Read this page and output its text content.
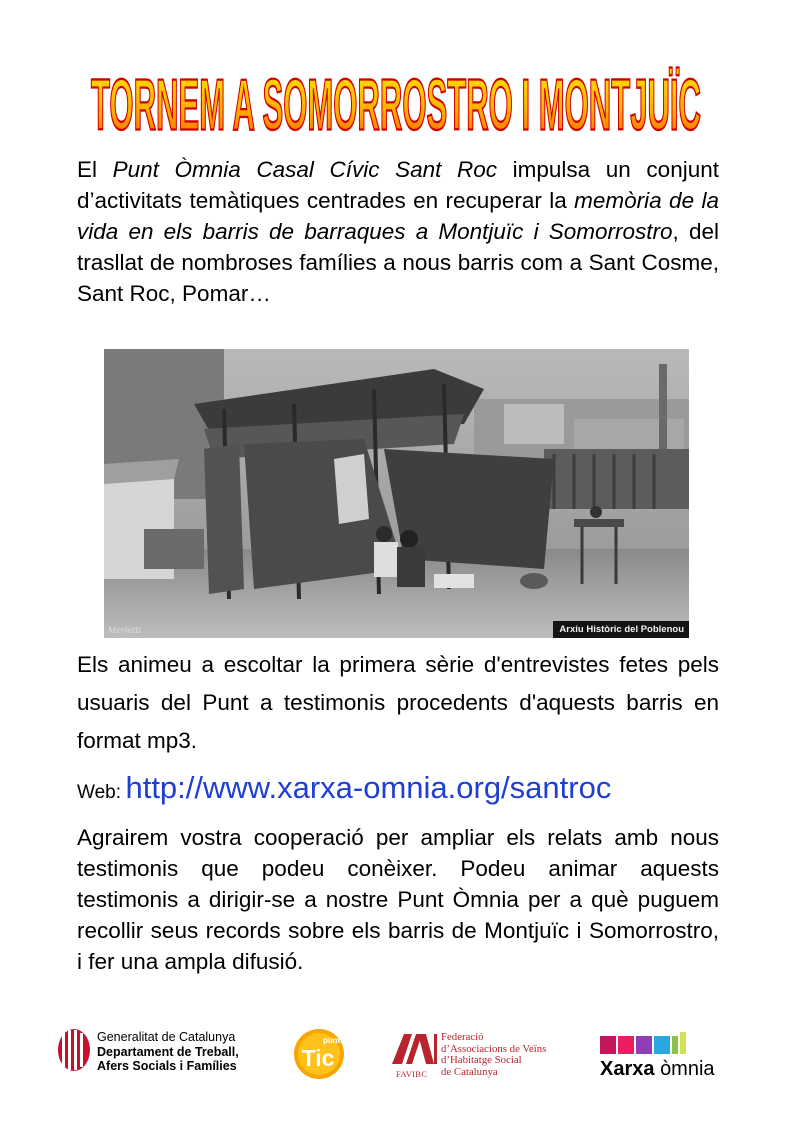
TORNEM A SOMORROSTRO I MONTJUÏC

El Punt Òmnia Casal Cívic Sant Roc impulsa un conjunt d’activitats temàtiques centrades en recuperar la memòria de la vida en els barris de barraques a Montjuïc i Somorrostro, del trasllat de nombroses famílies a nous barris com a Sant Cosme, Sant Roc, Pomar…

Merletti	Arxiu Històric del Poblenou

Els animeu a escoltar la primera sèrie d'entrevistes fetes pels usuaris del Punt a testimonis procedents d'aquests barris en format mp3.

Web: http://www.xarxa-omnia.org/santroc

Agrairem vostra cooperació per ampliar els relats amb nous testimonis que podeu conèixer. Podeu animar aquests testimonis a dirigir-se a nostre Punt Òmnia per a què puguem recollir seus records sobre els barris de Montjuïc i Somorrostro, i fer una ampla difusió.

Generalitat de Catalunya
Departament de Treball,
Afers Socials i Famílies
punt
Tic
FAVIBC
Federació
d’Associacions de Veïns
d’Habitatge Social
de Catalunya	Xarxa òmnia
